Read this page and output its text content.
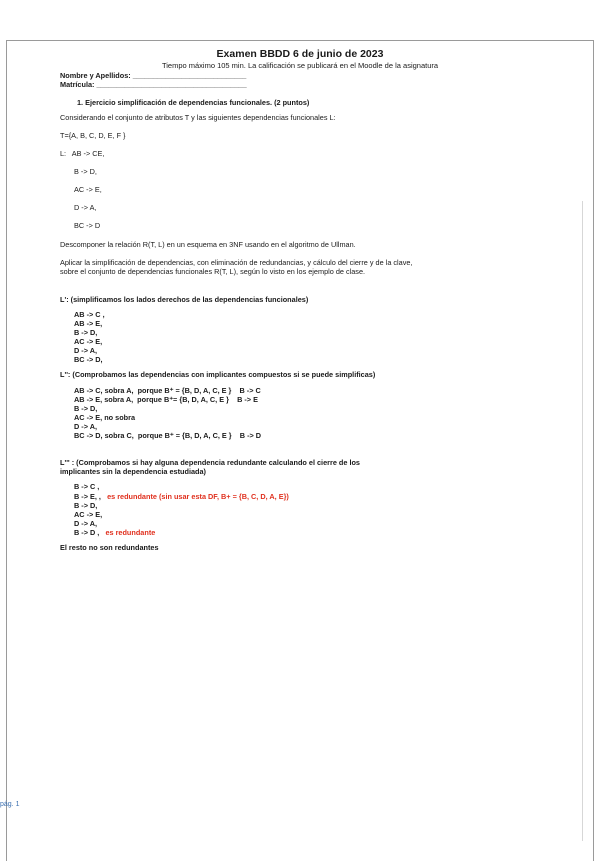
Examen BBDD 6 de junio de 2023
Tiempo máximo 105 min. La calificación se publicará en el Moodle de la asignatura
Nombre y Apellidos: ____________________________
Matrícula: _____________________________________
1. Ejercicio simplificación de dependencias funcionales. (2 puntos)
Considerando el conjunto de atributos T y las siguientes dependencias funcionales L:
T={A, B, C, D, E, F }
L: AB -> CE,
B -> D,
AC -> E,
D -> A,
BC -> D
Descomponer la relación R(T, L) en un esquema en 3NF usando en el algoritmo de Ullman.
Aplicar la simplificación de dependencias, con eliminación de redundancias, y cálculo del cierre y de la clave, sobre el conjunto de dependencias funcionales R(T, L), según lo visto en los ejemplo de clase.
L': (simplificamos los lados derechos de las dependencias funcionales)
AB -> C ,
AB -> E,
B -> D,
AC -> E,
D -> A,
BC -> D,
L'': (Comprobamos las dependencias con implicantes compuestos si se puede simplificas)
AB -> C, sobra A,  porque B⁺ = {B, D, A, C, E } B -> C
AB -> E, sobra A,  porque B⁺= {B, D, A, C, E } B -> E
B -> D,
AC -> E, no sobra
D -> A,
BC -> D, sobra C,  porque B⁺ = {B, D, A, C, E } B -> D
L''' : (Comprobamos si hay alguna dependencia redundante calculando el cierre de los
implicantes sin la dependencia estudiada)
B -> C ,
B -> E, , es redundante (sin usar esta DF, B+ = {B, C, D, A, E})
B -> D,
AC -> E,
D -> A,
B -> D , es redundante
El resto no son redundantes
pág. 1
